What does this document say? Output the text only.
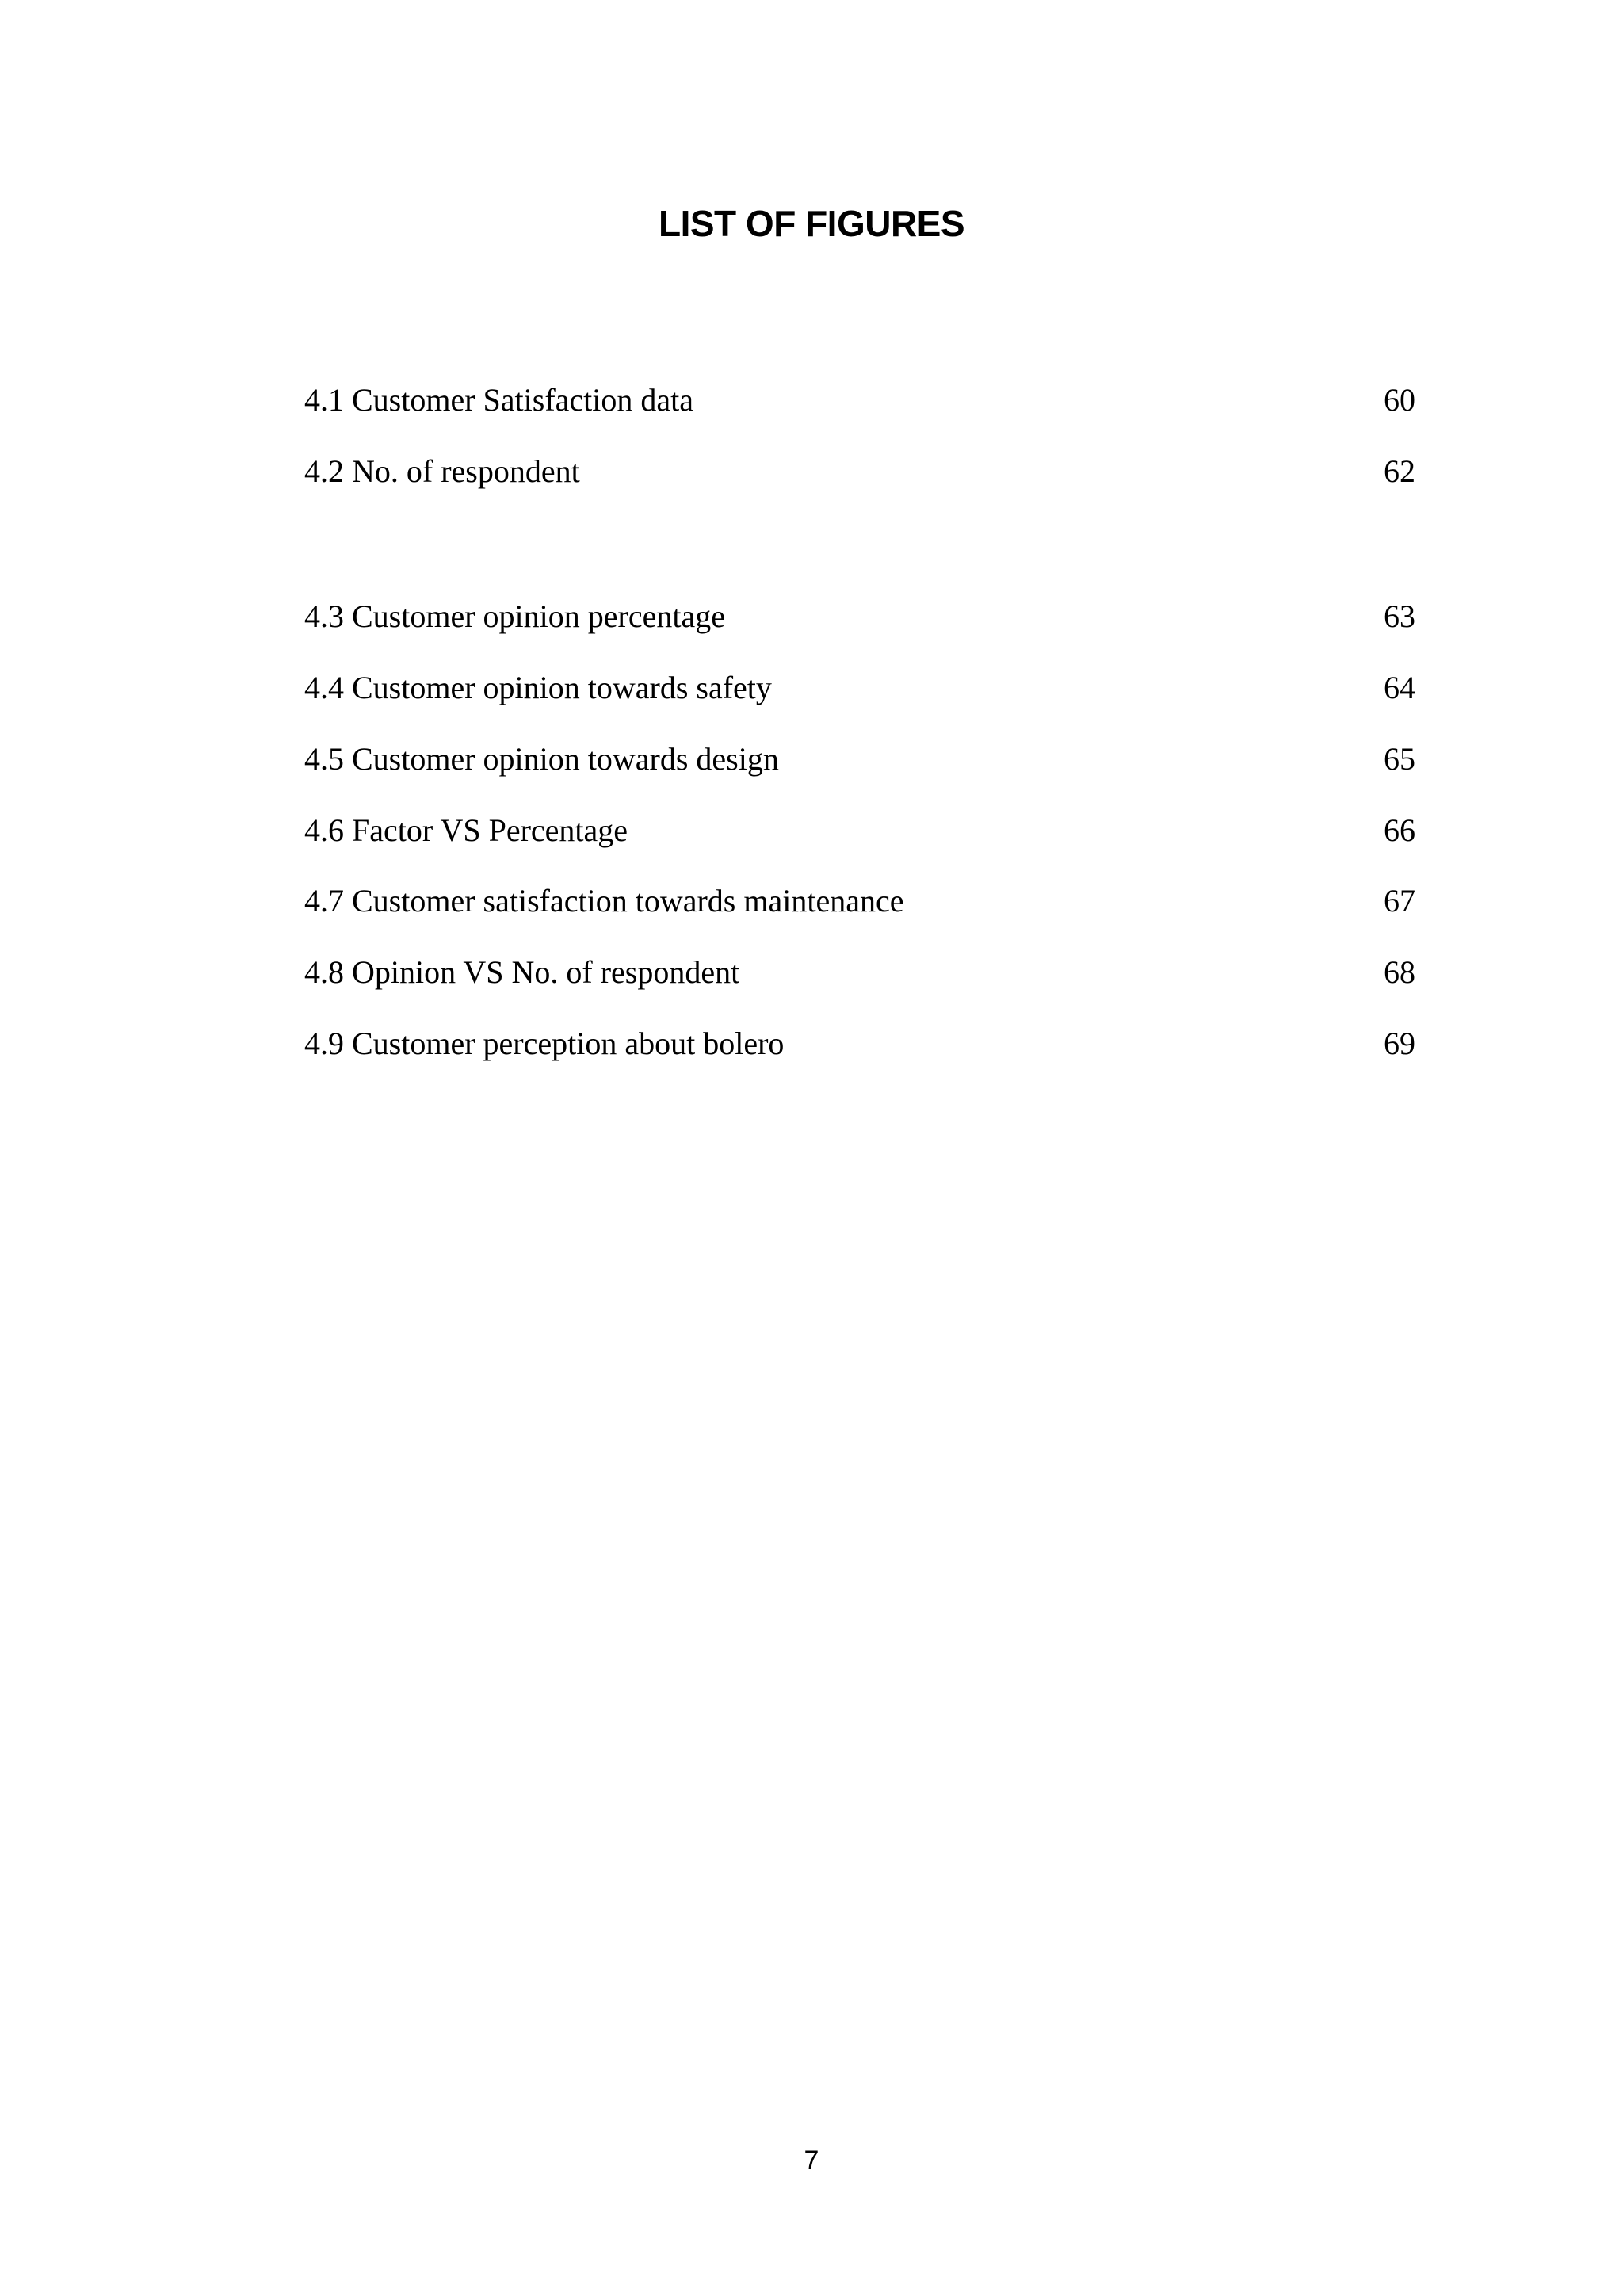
LIST OF FIGURES
4.1 Customer Satisfaction data	60
4.2 No. of respondent	62
4.3 Customer opinion percentage	63
4.4 Customer opinion towards safety	64
4.5 Customer opinion towards design	65
4.6 Factor VS Percentage	66
4.7 Customer satisfaction towards maintenance	67
4.8 Opinion VS No. of respondent	68
4.9 Customer perception about bolero	69
7
